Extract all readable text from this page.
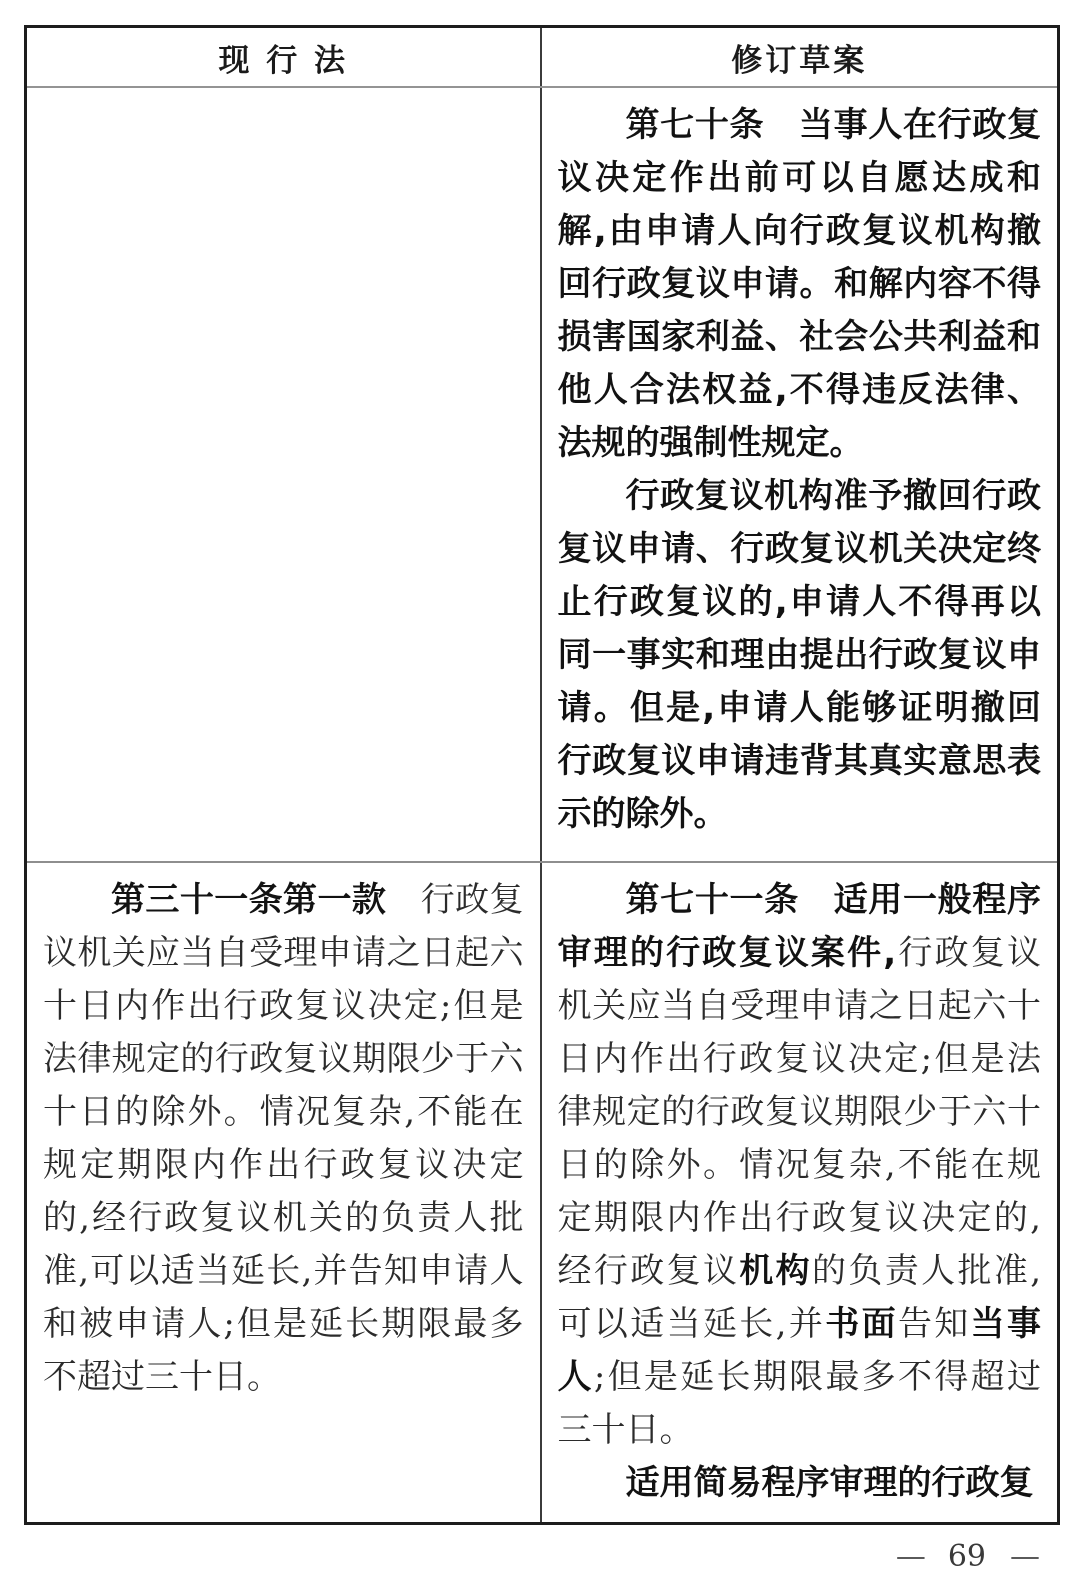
现 行 法	修订草案

	第七十条　当事人在行政复议决定作出前可以自愿达成和解,由申请人向行政复议机构撤回行政复议申请。和解内容不得损害国家利益、社会公共利益和他人合法权益,不得违反法律、法规的强制性规定。

行政复议机构准予撤回行政复议申请、行政复议机关决定终止行政复议的,申请人不得再以同一事实和理由提出行政复议申请。但是,申请人能够证明撤回行政复议申请违背其真实意思表示的除外。

第三十一条第一款　行政复议机关应当自受理申请之日起六十日内作出行政复议决定;但是法律规定的行政复议期限少于六十日的除外。情况复杂,不能在规定期限内作出行政复议决定的,经行政复议机关的负责人批准,可以适当延长,并告知申请人和被申请人;但是延长期限最多不超过三十日。	第七十一条　适用一般程序审理的行政复议案件,行政复议机关应当自受理申请之日起六十日内作出行政复议决定;但是法律规定的行政复议期限少于六十日的除外。情况复杂,不能在规定期限内作出行政复议决定的,经行政复议机构的负责人批准,可以适当延长,并书面告知当事人;但是延长期限最多不得超过三十日。

适用简易程序审理的行政复

— 69 —
